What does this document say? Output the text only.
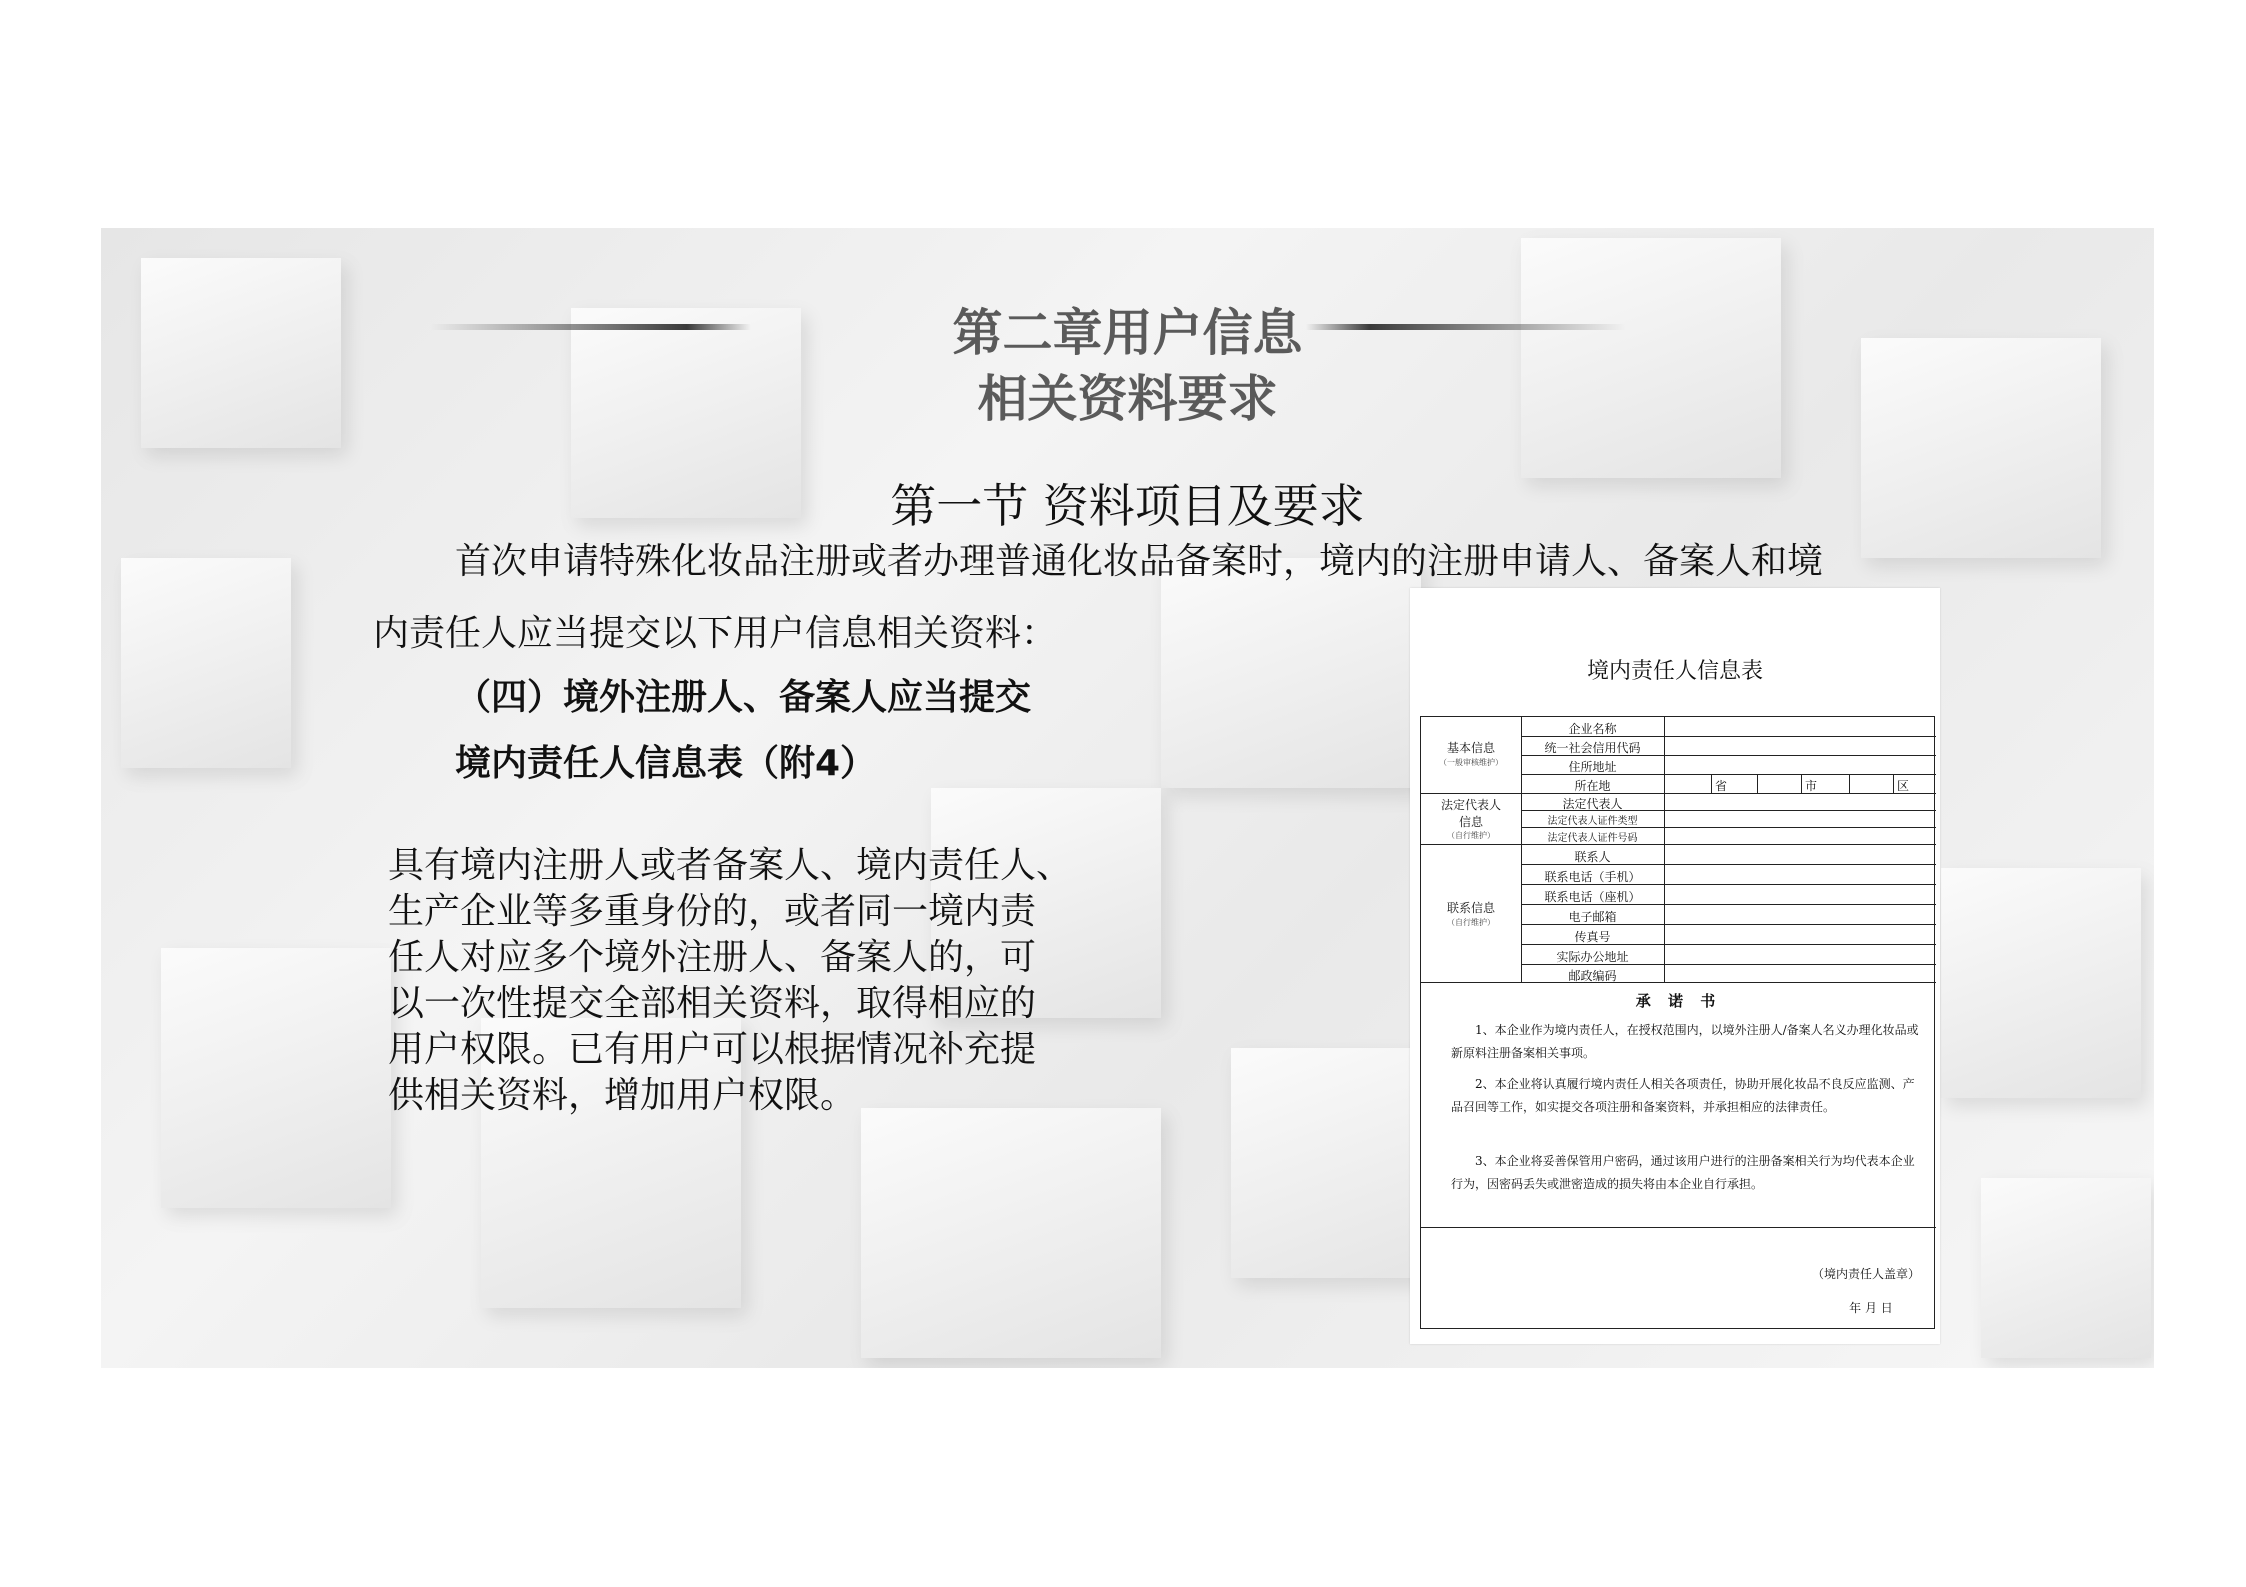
第二章用户信息
相关资料要求
第一节 资料项目及要求
首次申请特殊化妆品注册或者办理普通化妆品备案时，境内的注册申请人、备案人和境
内责任人应当提交以下用户信息相关资料：
（四）境外注册人、备案人应当提交
境内责任人信息表（附4）
具有境内注册人或者备案人、境内责任人、
生产企业等多重身份的，或者同一境内责
任人对应多个境外注册人、备案人的，可
以一次性提交全部相关资料，取得相应的
用户权限。已有用户可以根据情况补充提
供相关资料，增加用户权限。
境内责任人信息表
基本信息
（一般审核维护）
法定代表人
信息
（自行维护）
联系信息
（自行维护）
企业名称
统一社会信用代码
住所地址
所在地
法定代表人
法定代表人证件类型
法定代表人证件号码
联系人
联系电话（手机）
联系电话（座机）
电子邮箱
传真号
实际办公地址
邮政编码
省	市	区
承 诺 书
1、本企业作为境内责任人，在授权范围内，以境外注册人/备案人名义办理化妆品或新原料注册备案相关事项。
2、本企业将认真履行境内责任人相关各项责任，协助开展化妆品不良反应监测、产品召回等工作，如实提交各项注册和备案资料，并承担相应的法律责任。
3、本企业将妥善保管用户密码，通过该用户进行的注册备案相关行为均代表本企业行为，因密码丢失或泄密造成的损失将由本企业自行承担。
（境内责任人盖章）
年 月 日
